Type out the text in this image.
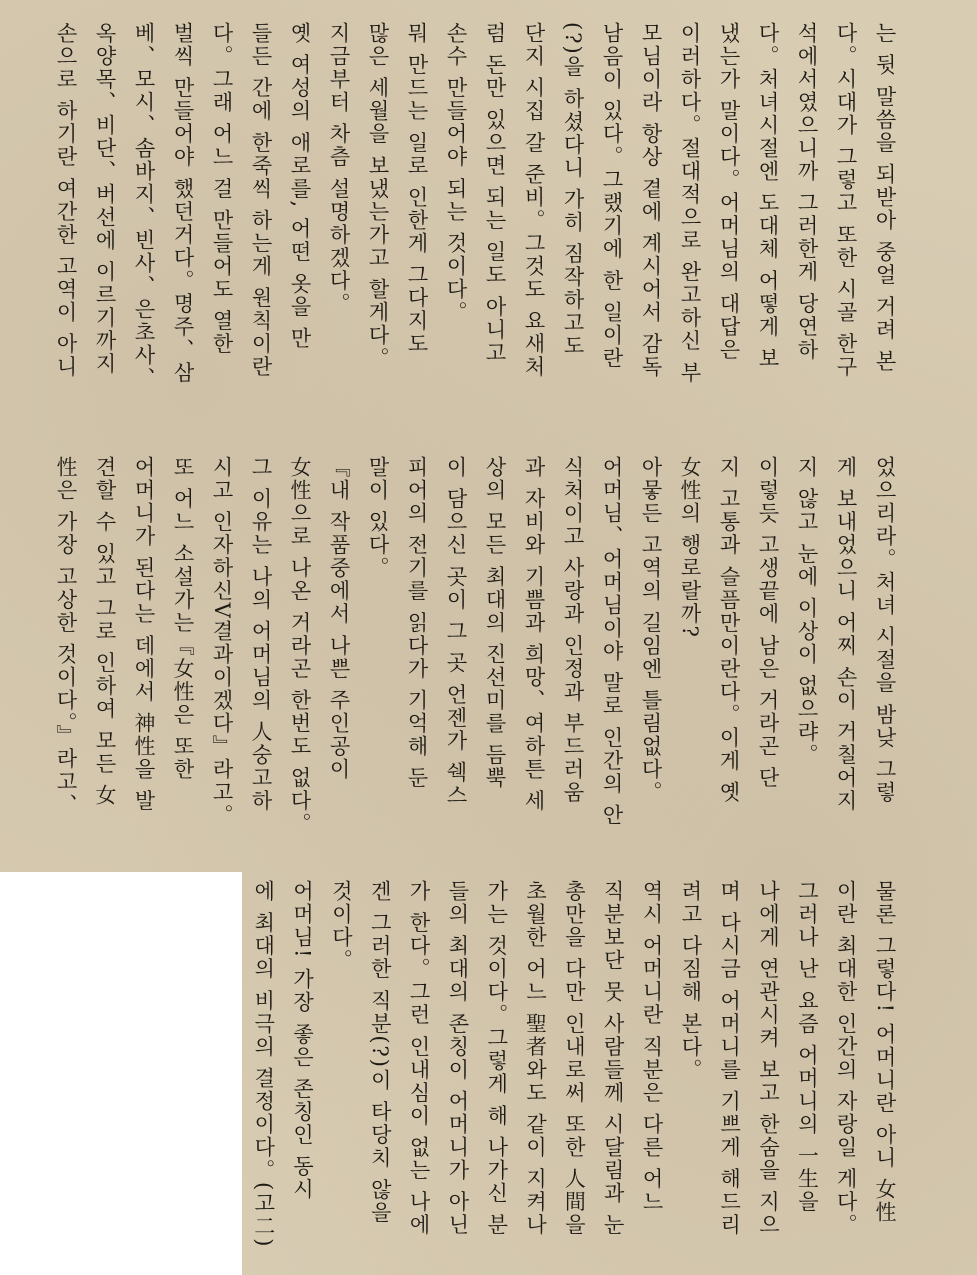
는 뒷 말씀을 되받아 중얼 거려 본
다。시대가 그렇고 또한 시골 한구
석에서였으니까 그러한게 당연하
다。처녀시절엔 도대체 어떻게 보
냈는가 말이다。어머님의 대답은
이러하다。절대적으로 완고하신 부
모님이라 항상 곁에 계시어서 감독
남음이 있다。그랬기에 한 일이란
(?)을 하셨다니 가히 짐작하고도
단지 시집 갈 준비。그것도 요새처
럼 돈만 있으면 되는 일도 아니고
손수 만들어야 되는 것이다。
뭐 만드는 일로 인한게 그다지도
많은 세월을 보냈는가고 할게다。
지금부터 차츰 설명하겠다。
옛 여성의 애로를, 어떤 옷을 만
들든 간에 한죽씩 하는게 원칙이란
다。그래 어느 걸 만들어도 열한
벌씩 만들어야 했던거다。명주、삼
베、모시、솜바지、빈사、은초사、
옥양목、비단、버선에 이르기까지
손으로 하기란 여간한 고역이 아니
었으리라。처녀 시절을 밤낮 그렇
게 보내었으니 어찌 손이 거칠어지
지 않고 눈에 이상이 없으랴。
이렇듯 고생끝에 남은 거라곤 단
지 고통과 슬픔만이란다。이게 옛
女性의 행로랄까?
아뭏든 고역의 길임엔 틀림없다。
어머님、어머님이야 말로 인간의 안
식처이고 사랑과 인정과 부드러움
과 자비와 기쁨과 희망、여하튼 세
상의 모든 최대의 진선미를 듬뿍
이 담으신 곳이 그 곳 언젠가 쉑스
피어의 전기를 읽다가 기억해 둔
말이 있다。
『내 작품중에서 나쁜 주인공이
女性으로 나온 거라곤 한번도 없다。
그 이유는 나의 어머님의 人숭고하
시고 인자하신V결과이겠다』라고。
또 어느 소설가는『女性은 또한
어머니가 된다는 데에서 神性을 발
견할 수 있고 그로 인하여 모든 女
性은 가장 고상한 것이다。』라고、
물론 그렇다! 어머니란 아니 女性
이란 최대한 인간의 자랑일 게다。
그러나 난 요즘 어머니의 一生을
나에게 연관시켜 보고 한숨을 지으
며 다시금 어머니를 기쁘게 해드리
려고 다짐해 본다。
역시 어머니란 직분은 다른 어느
직분보단 뭇 사람들께 시달림과 눈
총만을 다만 인내로써 또한 人間을
초월한 어느 聖者와도 같이 지켜나
가는 것이다。그렇게 해 나가신 분
들의 최대의 존칭이 어머니가 아닌
가 한다。그런 인내심이 없는 나에
겐 그러한 직분(?)이 타당치 않을
것이다。
어머님! 가장 좋은 존칭인 동시
에 최대의 비극의 결정이다。(고二)
